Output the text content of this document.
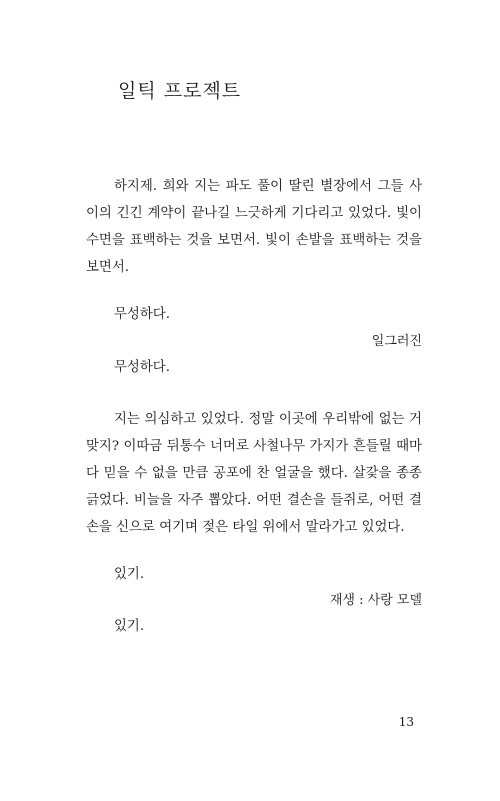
일틱 프로젝트

하지제. 희와 지는 파도 풀이 딸린 별장에서 그들 사이의 긴긴 계약이 끝나길 느긋하게 기다리고 있었다. 빛이 수면을 표백하는 것을 보면서. 빛이 손발을 표백하는 것을 보면서.

무성하다.
일그러진
무성하다.

지는 의심하고 있었다. 정말 이곳에 우리밖에 없는 거 맞지? 이따금 뒤통수 너머로 사철나무 가지가 흔들릴 때마다 믿을 수 없을 만큼 공포에 찬 얼굴을 했다. 살갗을 종종 긁었다. 비늘을 자주 뽑았다. 어떤 결손을 들쥐로, 어떤 결손을 신으로 여기며 젖은 타일 위에서 말라가고 있었다.

있기.
재생 : 사랑 모델
있기.
13
